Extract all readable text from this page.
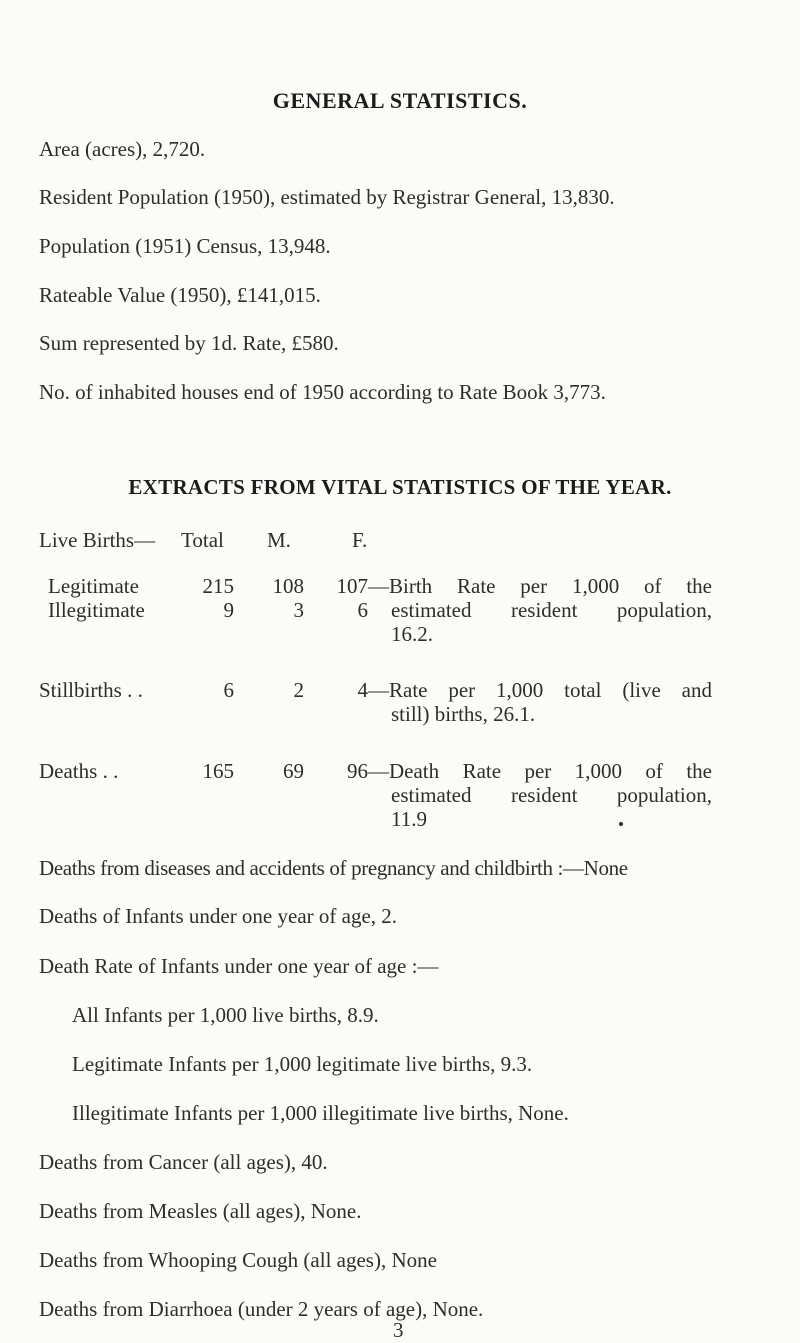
GENERAL STATISTICS.
Area (acres), 2,720.
Resident Population (1950), estimated by Registrar General, 13,830.
Population (1951) Census, 13,948.
Rateable Value (1950), £141,015.
Sum represented by 1d. Rate, £580.
No. of inhabited houses end of 1950 according to Rate Book 3,773.
EXTRACTS FROM VITAL STATISTICS OF THE YEAR.
Live Births— Total M.	F.
Legitimate	215	108	107
Illegitimate	9	3	6
—Birth Rate per 1,000 of the
estimated resident population,
16.2.
Stillbirths . .	6	2	4 —Rate per 1,000 total (live and
still) births, 26.1.
Deaths . .	165	69	96 —Death Rate per 1,000 of the
estimated resident population,
11.9
Deaths from diseases and accidents of pregnancy and childbirth :—None
Deaths of Infants under one year of age, 2.
Death Rate of Infants under one year of age :—
All Infants per 1,000 live births, 8.9.
Legitimate Infants per 1,000 legitimate live births, 9.3.
Illegitimate Infants per 1,000 illegitimate live births, None.
Deaths from Cancer (all ages), 40.
Deaths from Measles (all ages), None.
Deaths from Whooping Cough (all ages), None
Deaths from Diarrhoea (under 2 years of age), None.
3
